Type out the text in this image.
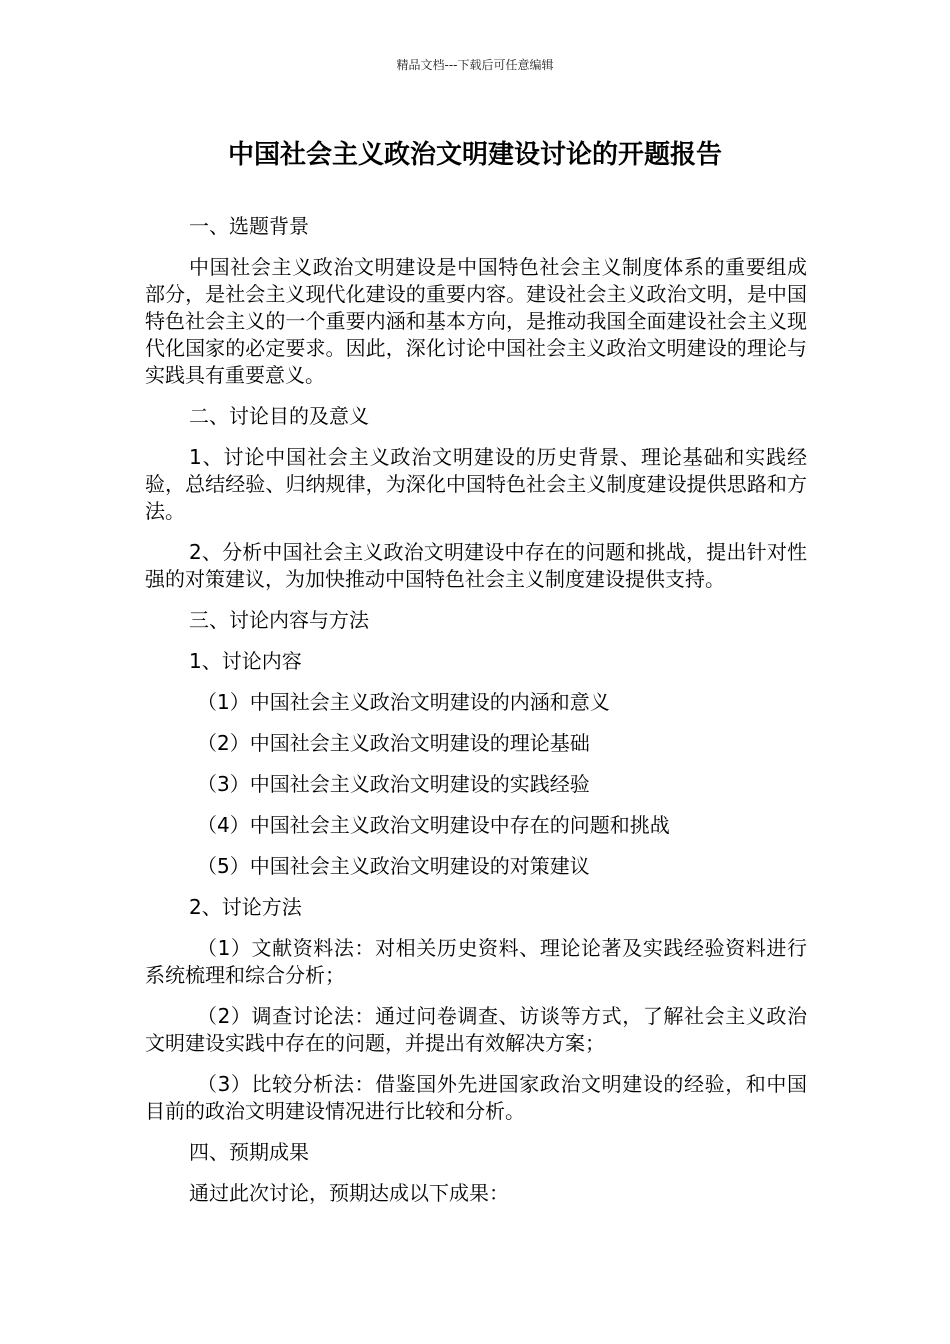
精品文档---下载后可任意编辑
中国社会主义政治文明建设讨论的开题报告

一、选题背景

中国社会主义政治文明建设是中国特色社会主义制度体系的重要组成部分，是社会主义现代化建设的重要内容。建设社会主义政治文明，是中国特色社会主义的一个重要内涵和基本方向，是推动我国全面建设社会主义现代化国家的必定要求。因此，深化讨论中国社会主义政治文明建设的理论与实践具有重要意义。

二、讨论目的及意义

1、讨论中国社会主义政治文明建设的历史背景、理论基础和实践经验，总结经验、归纳规律，为深化中国特色社会主义制度建设提供思路和方法。

2、分析中国社会主义政治文明建设中存在的问题和挑战，提出针对性强的对策建议，为加快推动中国特色社会主义制度建设提供支持。

三、讨论内容与方法

1、讨论内容

（1）中国社会主义政治文明建设的内涵和意义

（2）中国社会主义政治文明建设的理论基础

（3）中国社会主义政治文明建设的实践经验

（4）中国社会主义政治文明建设中存在的问题和挑战

（5）中国社会主义政治文明建设的对策建议

2、讨论方法

（1）文献资料法：对相关历史资料、理论论著及实践经验资料进行系统梳理和综合分析；

（2）调查讨论法：通过问卷调查、访谈等方式，了解社会主义政治文明建设实践中存在的问题，并提出有效解决方案；

（3）比较分析法：借鉴国外先进国家政治文明建设的经验，和中国目前的政治文明建设情况进行比较和分析。

四、预期成果

通过此次讨论，预期达成以下成果：
